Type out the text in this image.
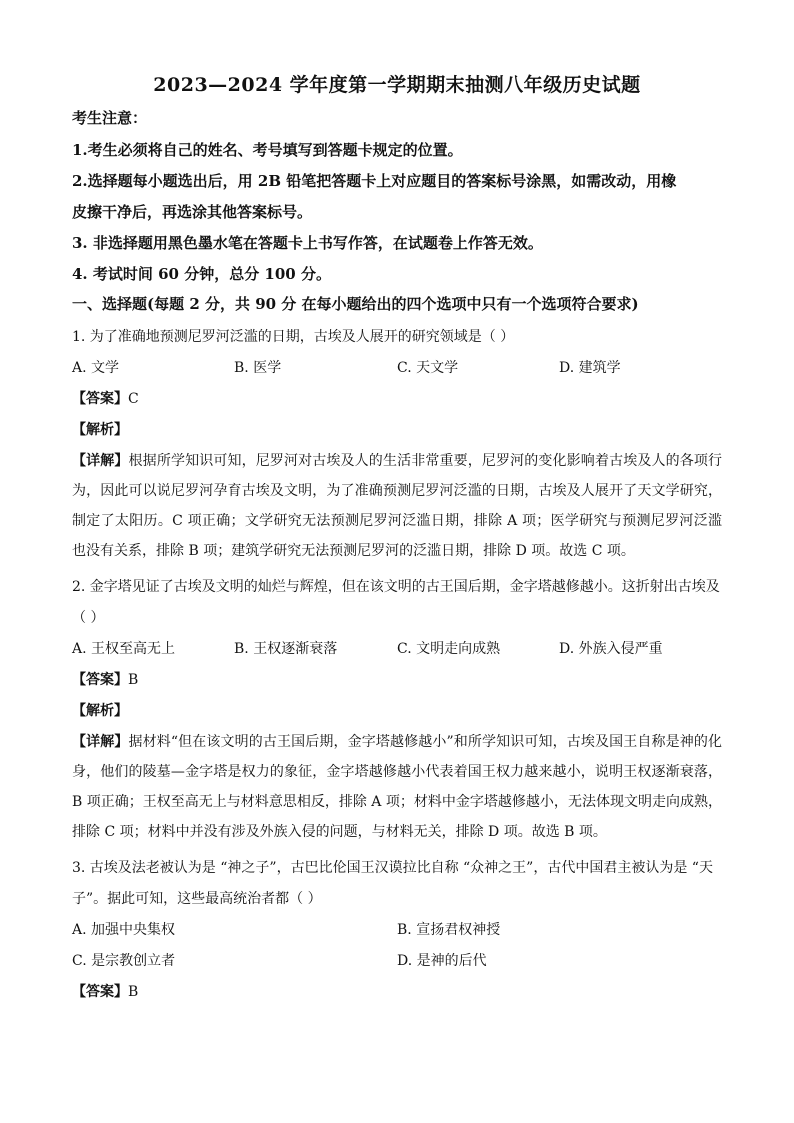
2023—2024 学年度第一学期期末抽测八年级历史试题
考生注意：
1.考生必须将自己的姓名、考号填写到答题卡规定的位置。
2.选择题每小题选出后，用 2B 铅笔把答题卡上对应题目的答案标号涂黑，如需改动，用橡
皮擦干净后，再选涂其他答案标号。
3. 非选择题用黑色墨水笔在答题卡上书写作答，在试题卷上作答无效。
4. 考试时间 60 分钟，总分 100 分。
一、选择题(每题 2 分，共 90 分 在每小题给出的四个选项中只有一个选项符合要求)
1. 为了准确地预测尼罗河泛滥的日期，古埃及人展开的研究领域是（ ）
A. 文学	B. 医学	C. 天文学	D. 建筑学
【答案】C
【解析】
【详解】根据所学知识可知，尼罗河对古埃及人的生活非常重要，尼罗河的变化影响着古埃及人的各项行为，因此可以说尼罗河孕育古埃及文明，为了准确预测尼罗河泛滥的日期，古埃及人展开了天文学研究，制定了太阳历。C 项正确；文学研究无法预测尼罗河泛滥日期，排除 A 项；医学研究与预测尼罗河泛滥也没有关系，排除 B 项；建筑学研究无法预测尼罗河的泛滥日期，排除 D 项。故选 C 项。
2. 金字塔见证了古埃及文明的灿烂与辉煌，但在该文明的古王国后期，金字塔越修越小。这折射出古埃及
（ ）
A. 王权至高无上	B. 王权逐渐衰落	C. 文明走向成熟	D. 外族入侵严重
【答案】B
【解析】
【详解】据材料“但在该文明的古王国后期，金字塔越修越小”和所学知识可知，古埃及国王自称是神的化身，他们的陵墓—金字塔是权力的象征，金字塔越修越小代表着国王权力越来越小，说明王权逐渐衰落，B 项正确；王权至高无上与材料意思相反，排除 A 项；材料中金字塔越修越小，无法体现文明走向成熟，排除 C 项；材料中并没有涉及外族入侵的问题，与材料无关，排除 D 项。故选 B 项。
3. 古埃及法老被认为是 “神之子”，古巴比伦国王汉谟拉比自称 “众神之王”，古代中国君主被认为是 “天
子”。据此可知，这些最高统治者都（ ）
A. 加强中央集权	B. 宣扬君权神授
C. 是宗教创立者	D. 是神的后代
【答案】B
